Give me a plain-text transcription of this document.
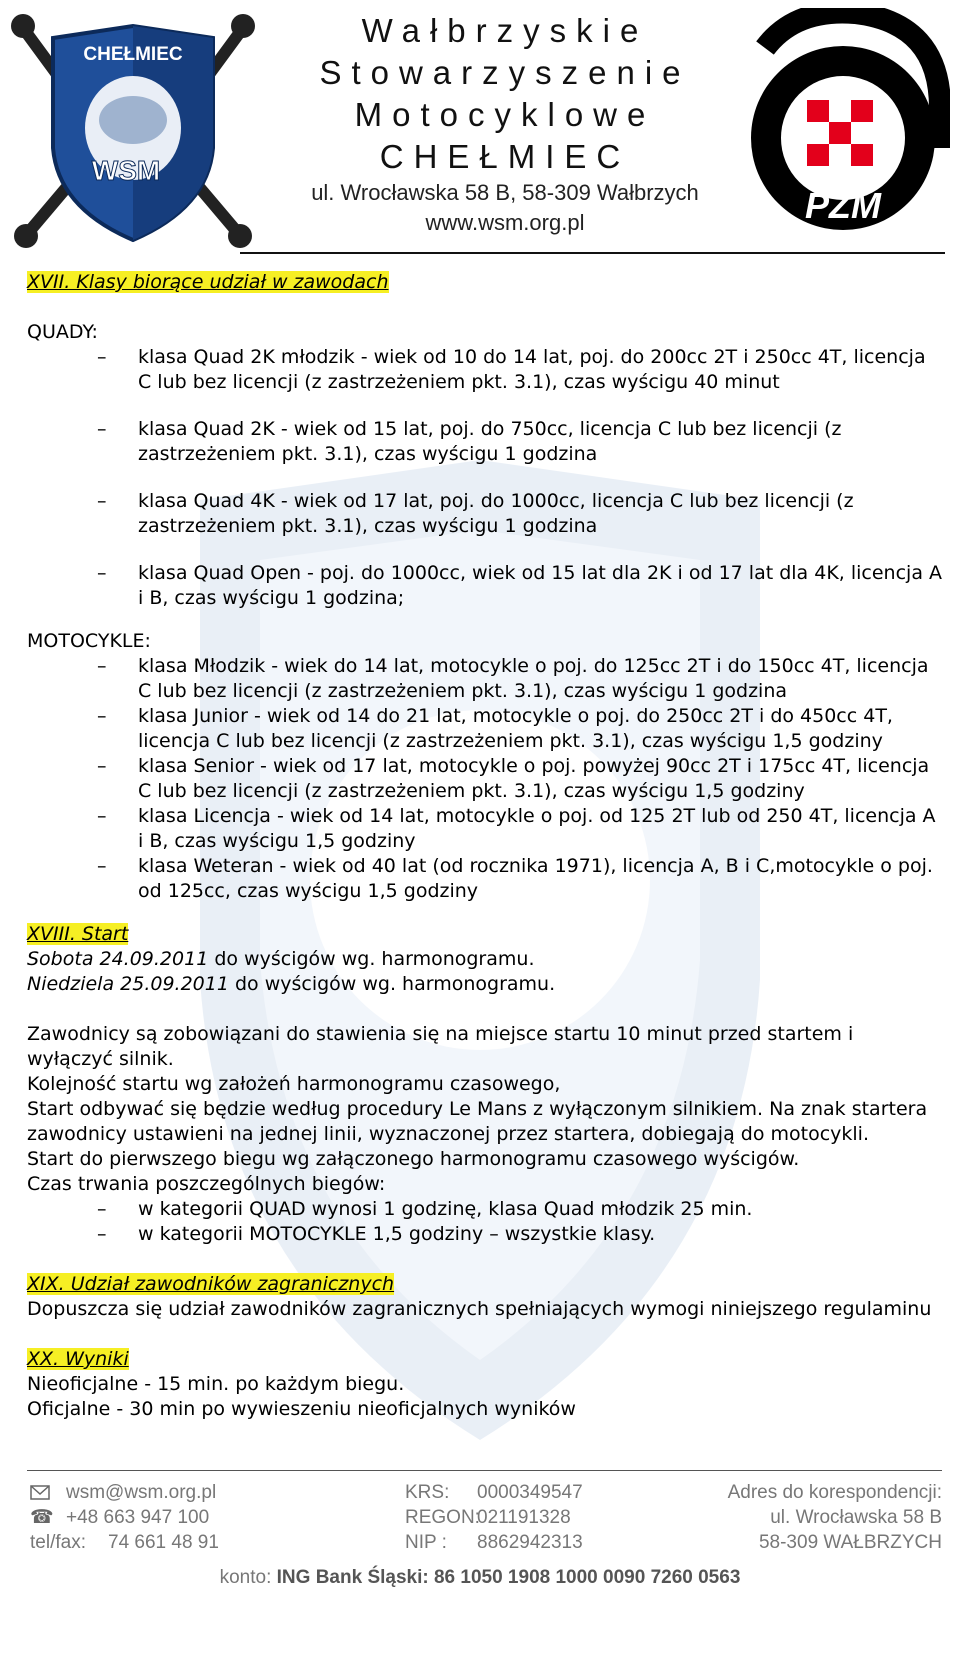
CHEŁMIEC
WSM
Wałbrzyskie
Stowarzyszenie
Motocyklowe
CHEŁMIEC
ul. Wrocławska 58 B, 58-309 Wałbrzych
www.wsm.org.pl	PZM
XVII. Klasy biorące udział w zawodach
QUADY:
– klasa Quad 2K młodzik - wiek od 10 do 14 lat, poj. do 200cc 2T i 250cc 4T, licencja C lub bez licencji (z zastrzeżeniem pkt. 3.1), czas wyścigu 40 minut
– klasa Quad 2K - wiek od 15 lat, poj. do 750cc, licencja C lub bez licencji (z zastrzeżeniem pkt. 3.1), czas wyścigu 1 godzina
– klasa Quad 4K - wiek od 17 lat, poj. do 1000cc, licencja C lub bez licencji (z zastrzeżeniem pkt. 3.1), czas wyścigu 1 godzina
– klasa Quad Open - poj. do 1000cc, wiek od 15 lat dla 2K i od 17 lat dla 4K, licencja A i B, czas wyścigu 1 godzina;
MOTOCYKLE:
– klasa Młodzik - wiek do 14 lat, motocykle o poj. do 125cc 2T i do 150cc 4T, licencja C lub bez licencji (z zastrzeżeniem pkt. 3.1), czas wyścigu 1 godzina
– klasa Junior - wiek od 14 do 21 lat, motocykle o poj. do 250cc 2T i do 450cc 4T, licencja C lub bez licencji (z zastrzeżeniem pkt. 3.1), czas wyścigu 1,5 godziny
– klasa Senior - wiek od 17 lat, motocykle o poj. powyżej 90cc 2T i 175cc 4T, licencja C lub bez licencji (z zastrzeżeniem pkt. 3.1), czas wyścigu 1,5 godziny
– klasa Licencja - wiek od 14 lat, motocykle o poj. od 125 2T lub od 250 4T, licencja A i B, czas wyścigu 1,5 godziny
– klasa Weteran - wiek od 40 lat (od rocznika 1971), licencja A, B i C,motocykle o poj. od 125cc, czas wyścigu 1,5 godziny
XVIII. Start
Sobota 24.09.2011 do wyścigów wg. harmonogramu.
Niedziela 25.09.2011 do wyścigów wg. harmonogramu.
Zawodnicy są zobowiązani do stawienia się na miejsce startu 10 minut przed startem i wyłączyć silnik.
Kolejność startu wg założeń harmonogramu czasowego,
Start odbywać się będzie według procedury Le Mans z wyłączonym silnikiem. Na znak startera zawodnicy ustawieni na jednej linii, wyznaczonej przez startera, dobiegają do motocykli.
Start do pierwszego biegu wg załączonego harmonogramu czasowego wyścigów.
Czas trwania poszczególnych biegów:
– w kategorii QUAD wynosi 1 godzinę, klasa Quad młodzik 25 min.
– w kategorii MOTOCYKLE 1,5 godziny – wszystkie klasy.
XIX. Udział zawodników zagranicznych
Dopuszcza się udział zawodników zagranicznych spełniających wymogi niniejszego regulaminu
XX. Wyniki
Nieoficjalne - 15 min. po każdym biegu.
Oficjalne - 30 min po wywieszeniu nieoficjalnych wyników
wsm@wsm.org.pl
☎ +48 663 947 100
tel/fax:	74 661 48 91
KRS:	0000349547
REGON:
021191328
NIP :	8862942313
Adres do korespondencji:
ul. Wrocławska 58 B
58-309 WAŁBRZYCH
konto: ING Bank Śląski: 86 1050 1908 1000 0090 7260 0563
